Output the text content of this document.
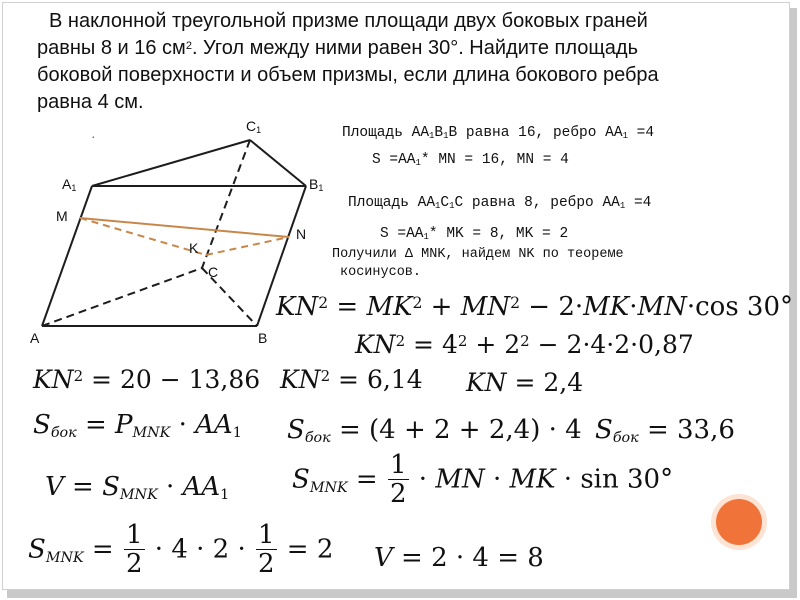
В наклонной треугольной призме площади двух боковых граней
равны 8 и 16 $см^2$. Угол между ними равен 30°. Найдите площадь
боковой поверхности и объем призмы, если длина бокового ребра
равна 4 см.
·
$C_1$
$A_1$	$B_1$
M
N
K
C
A	B
Площадь $AA_1B_1B$ равна 16, ребро $AA_1 =4$
$S =AA_1*$ MN = 16, MN = 4
Площадь $AA_1C_1C$ равна 8, ребро $AA_1 =4$
$S =AA_1*$ MK = 8, MK = 2
Получили Δ MNK, найдем NK по теореме
косинусов.
$KN^2 = MK^2 + MN^2 - 2\cdot MK\cdot MN\cdot\cos$ 30°
$KN^2 = 4^2 + 2^2 - 2\cdot 4\cdot 2\cdot 0,87$
$KN^2 = 20 - 13,86$ $KN^2 = 6,14$ KN = 2,4
$S_{бок} = P_{MNK} \cdot AA_1$ $S_{бок} = (4 + 2 + 2,4) \cdot 4$ $S_{бок} = 33,6$
$V = S_{MNK} \cdot AA_1$
$S_{MNK} = \frac{1}{2}$ · MN · MK · sin 30°
$S_{MNK} = \frac{1}{2} \cdot 4 \cdot 2 \cdot \frac{1}{2} = 2$ V = 2 · 4 = 8
